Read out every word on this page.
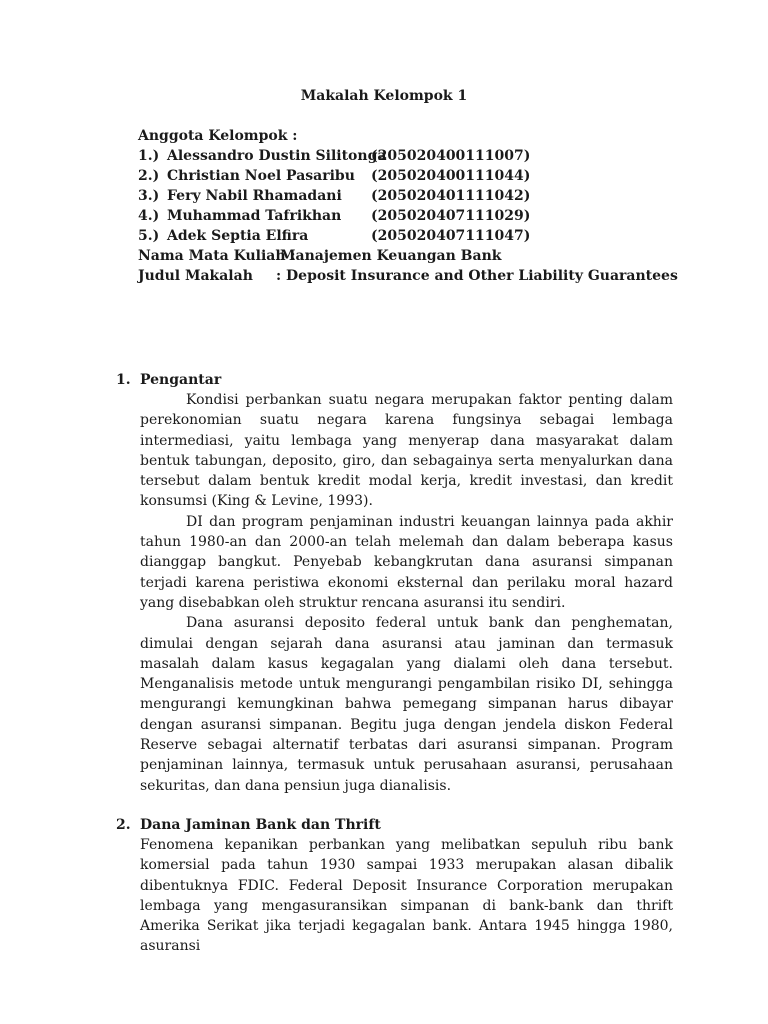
Makalah Kelompok 1
Anggota Kelompok :
1.) Alessandro Dustin Silitonga
(205020400111007)
2.) Christian Noel Pasaribu (205020400111044)
3.) Fery Nabil Rhamadani (205020401111042)
4.) Muhammad Tafrikhan (205020407111029)
5.) Adek Septia Elfira	(205020407111047)
Nama Mata Kuliah :
Manajemen Keuangan Bank
Judul Makalah : Deposit Insurance and Other Liability Guarantees
1. Pengantar

Kondisi perbankan suatu negara merupakan faktor penting dalam perekonomian suatu negara karena fungsinya sebagai lembaga intermediasi, yaitu lembaga yang menyerap dana masyarakat dalam bentuk tabungan, deposito, giro, dan sebagainya serta menyalurkan dana tersebut dalam bentuk kredit modal kerja, kredit investasi, dan kredit konsumsi (King & Levine, 1993).

DI dan program penjaminan industri keuangan lainnya pada akhir tahun 1980-an dan 2000-an telah melemah dan dalam beberapa kasus dianggap bangkut. Penyebab kebangkrutan dana asuransi simpanan terjadi karena peristiwa ekonomi eksternal dan perilaku moral hazard yang disebabkan oleh struktur rencana asuransi itu sendiri.

Dana asuransi deposito federal untuk bank dan penghematan, dimulai dengan sejarah dana asuransi atau jaminan dan termasuk masalah dalam kasus kegagalan yang dialami oleh dana tersebut. Menganalisis metode untuk mengurangi pengambilan risiko DI, sehingga mengurangi kemungkinan bahwa pemegang simpanan harus dibayar dengan asuransi simpanan. Begitu juga dengan jendela diskon Federal Reserve sebagai alternatif terbatas dari asuransi simpanan. Program penjaminan lainnya, termasuk untuk perusahaan asuransi, perusahaan sekuritas, dan dana pensiun juga dianalisis.

2. Dana Jaminan Bank dan Thrift

Fenomena kepanikan perbankan yang melibatkan sepuluh ribu bank komersial pada tahun 1930 sampai 1933 merupakan alasan dibalik dibentuknya FDIC. Federal Deposit Insurance Corporation merupakan lembaga yang mengasuransikan simpanan di bank-bank dan thrift Amerika Serikat jika terjadi kegagalan bank. Antara 1945 hingga 1980, asuransi
